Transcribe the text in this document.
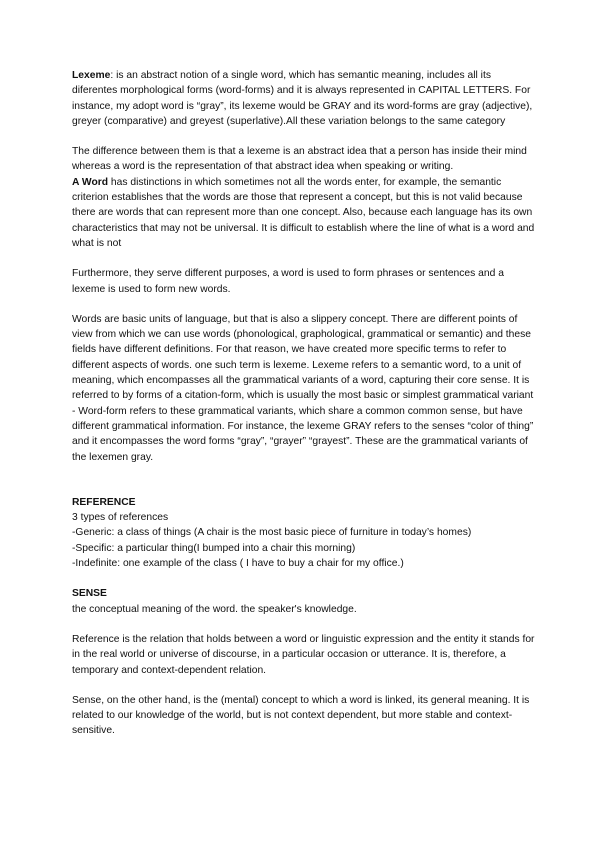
Lexeme: is an abstract notion of a single word, which has semantic meaning, includes all its diferentes morphological forms (word-forms) and it is always represented in CAPITAL LETTERS. For instance, my adopt word is “gray”, its lexeme would be GRAY and its word-forms are gray (adjective), greyer (comparative) and greyest (superlative).All these variation belongs to the same category

The difference between them is that a lexeme is an abstract idea that a person has inside their mind whereas a word is the representation of that abstract idea when speaking or writing.

A Word has distinctions in which sometimes not all the words enter, for example, the semantic criterion establishes that the words are those that represent a concept, but this is not valid because there are words that can represent more than one concept. Also, because each language has its own characteristics that may not be universal. It is difficult to establish where the line of what is a word and what is not

Furthermore, they serve different purposes, a word is used to form phrases or sentences and a lexeme is used to form new words.

Words are basic units of language, but that is also a slippery concept. There are different points of view from which we can use words (phonological, graphological, grammatical or semantic) and these fields have different definitions. For that reason, we have created more specific terms to refer to different aspects of words. one such term is lexeme. Lexeme refers to a semantic word, to a unit of meaning, which encompasses all the grammatical variants of a word, capturing their core sense. It is referred to by forms of a citation-form, which is usually the most basic or simplest grammatical variant - Word-form refers to these grammatical variants, which share a common common sense, but have different grammatical information. For instance, the lexeme GRAY refers to the senses “color of thing” and it encompasses the word forms “gray”, “grayer” “grayest”. These are the grammatical variants of the lexemen gray.

REFERENCE

3 types of references

-Generic: a class of things (A chair is the most basic piece of furniture in today’s homes)

-Specific: a particular thing(I bumped into a chair this morning)

-Indefinite: one example of the class ( I have to buy a chair for my office.)

SENSE

the conceptual meaning of the word. the speaker's knowledge.

Reference is the relation that holds between a word or linguistic expression and the entity it stands for in the real world or universe of discourse, in a particular occasion or utterance. It is, therefore, a temporary and context-dependent relation.

Sense, on the other hand, is the (mental) concept to which a word is linked, its general meaning. It is related to our knowledge of the world, but is not context dependent, but more stable and context-sensitive.
